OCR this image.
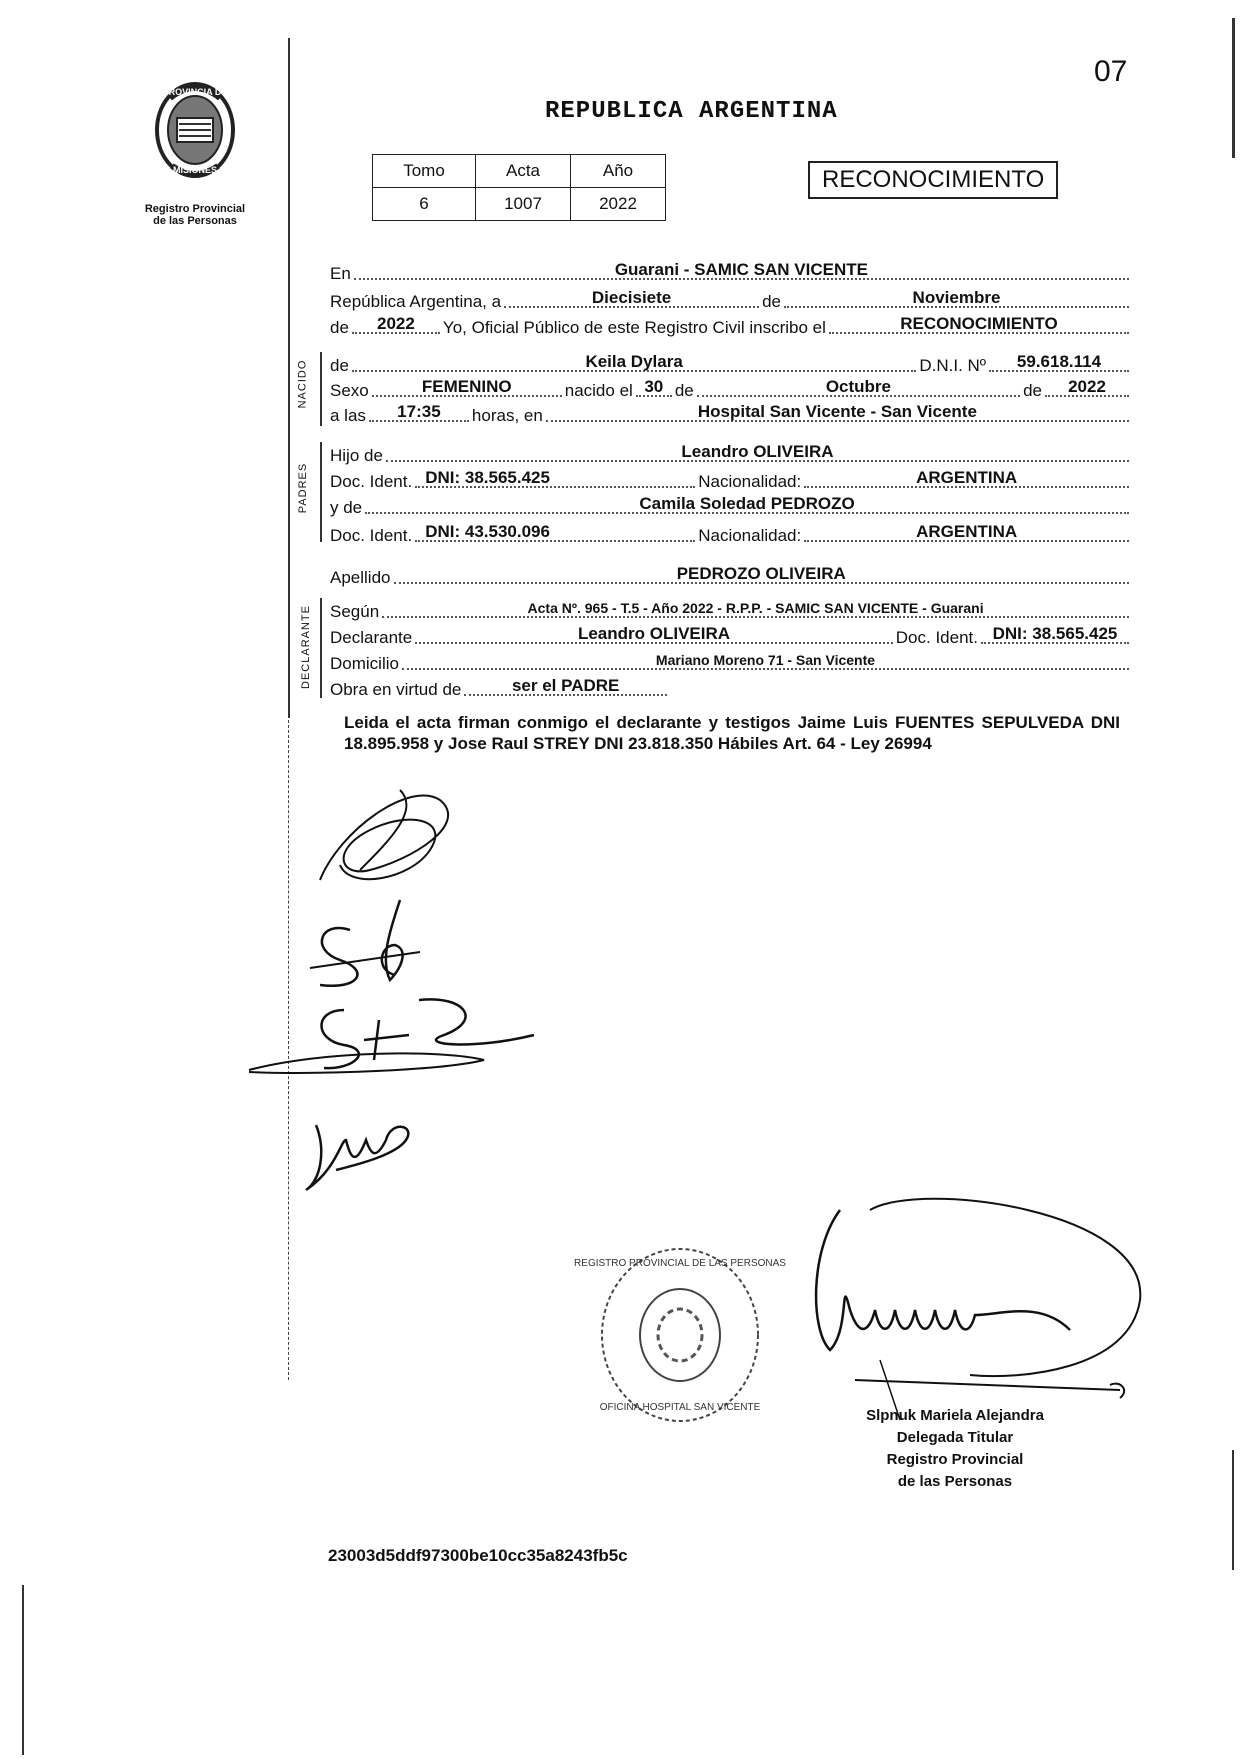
PROVINCIA DE
MISIONES
Registro Provincial
de las Personas
07
REPUBLICA ARGENTINA
Tomo	Acta	Año
6	1007	2022
RECONOCIMIENTO
NACIDO
PADRES
DECLARANTE
En	Guarani - SAMIC SAN VICENTE
República Argentina, a	Diecisiete	de	Noviembre
de	2022	Yo, Oficial Público de este Registro Civil inscribo el	RECONOCIMIENTO
de	Keila Dylara	D.N.I. Nº	59.618.114
Sexo	FEMENINO	nacido el 30 de	Octubre	de	2022
a las	17:35	horas, en	Hospital San Vicente - San Vicente
Hijo de	Leandro OLIVEIRA
Doc. Ident. DNI: 38.565.425	Nacionalidad:	ARGENTINA
y de	Camila Soledad PEDROZO
Doc. Ident. DNI: 43.530.096	Nacionalidad:	ARGENTINA
Apellido	PEDROZO OLIVEIRA
Según	Acta Nº. 965 - T.5 - Año 2022 - R.P.P. - SAMIC SAN VICENTE - Guarani
Declarante	Leandro OLIVEIRA	Doc. Ident. DNI: 38.565.425
Domicilio	Mariano Moreno 71 - San Vicente
Obra en virtud de	ser el PADRE
Leida el acta firman conmigo el declarante y testigos Jaime Luis FUENTES SEPULVEDA DNI 18.895.958 y Jose Raul STREY DNI 23.818.350 Hábiles Art. 64 - Ley 26994
REGISTRO PROVINCIAL DE LAS PERSONAS
OFICINA HOSPITAL SAN VICENTE	Slpnuk Mariela Alejandra
Delegada Titular
Registro Provincial
de las Personas
23003d5ddf97300be10cc35a8243fb5c
